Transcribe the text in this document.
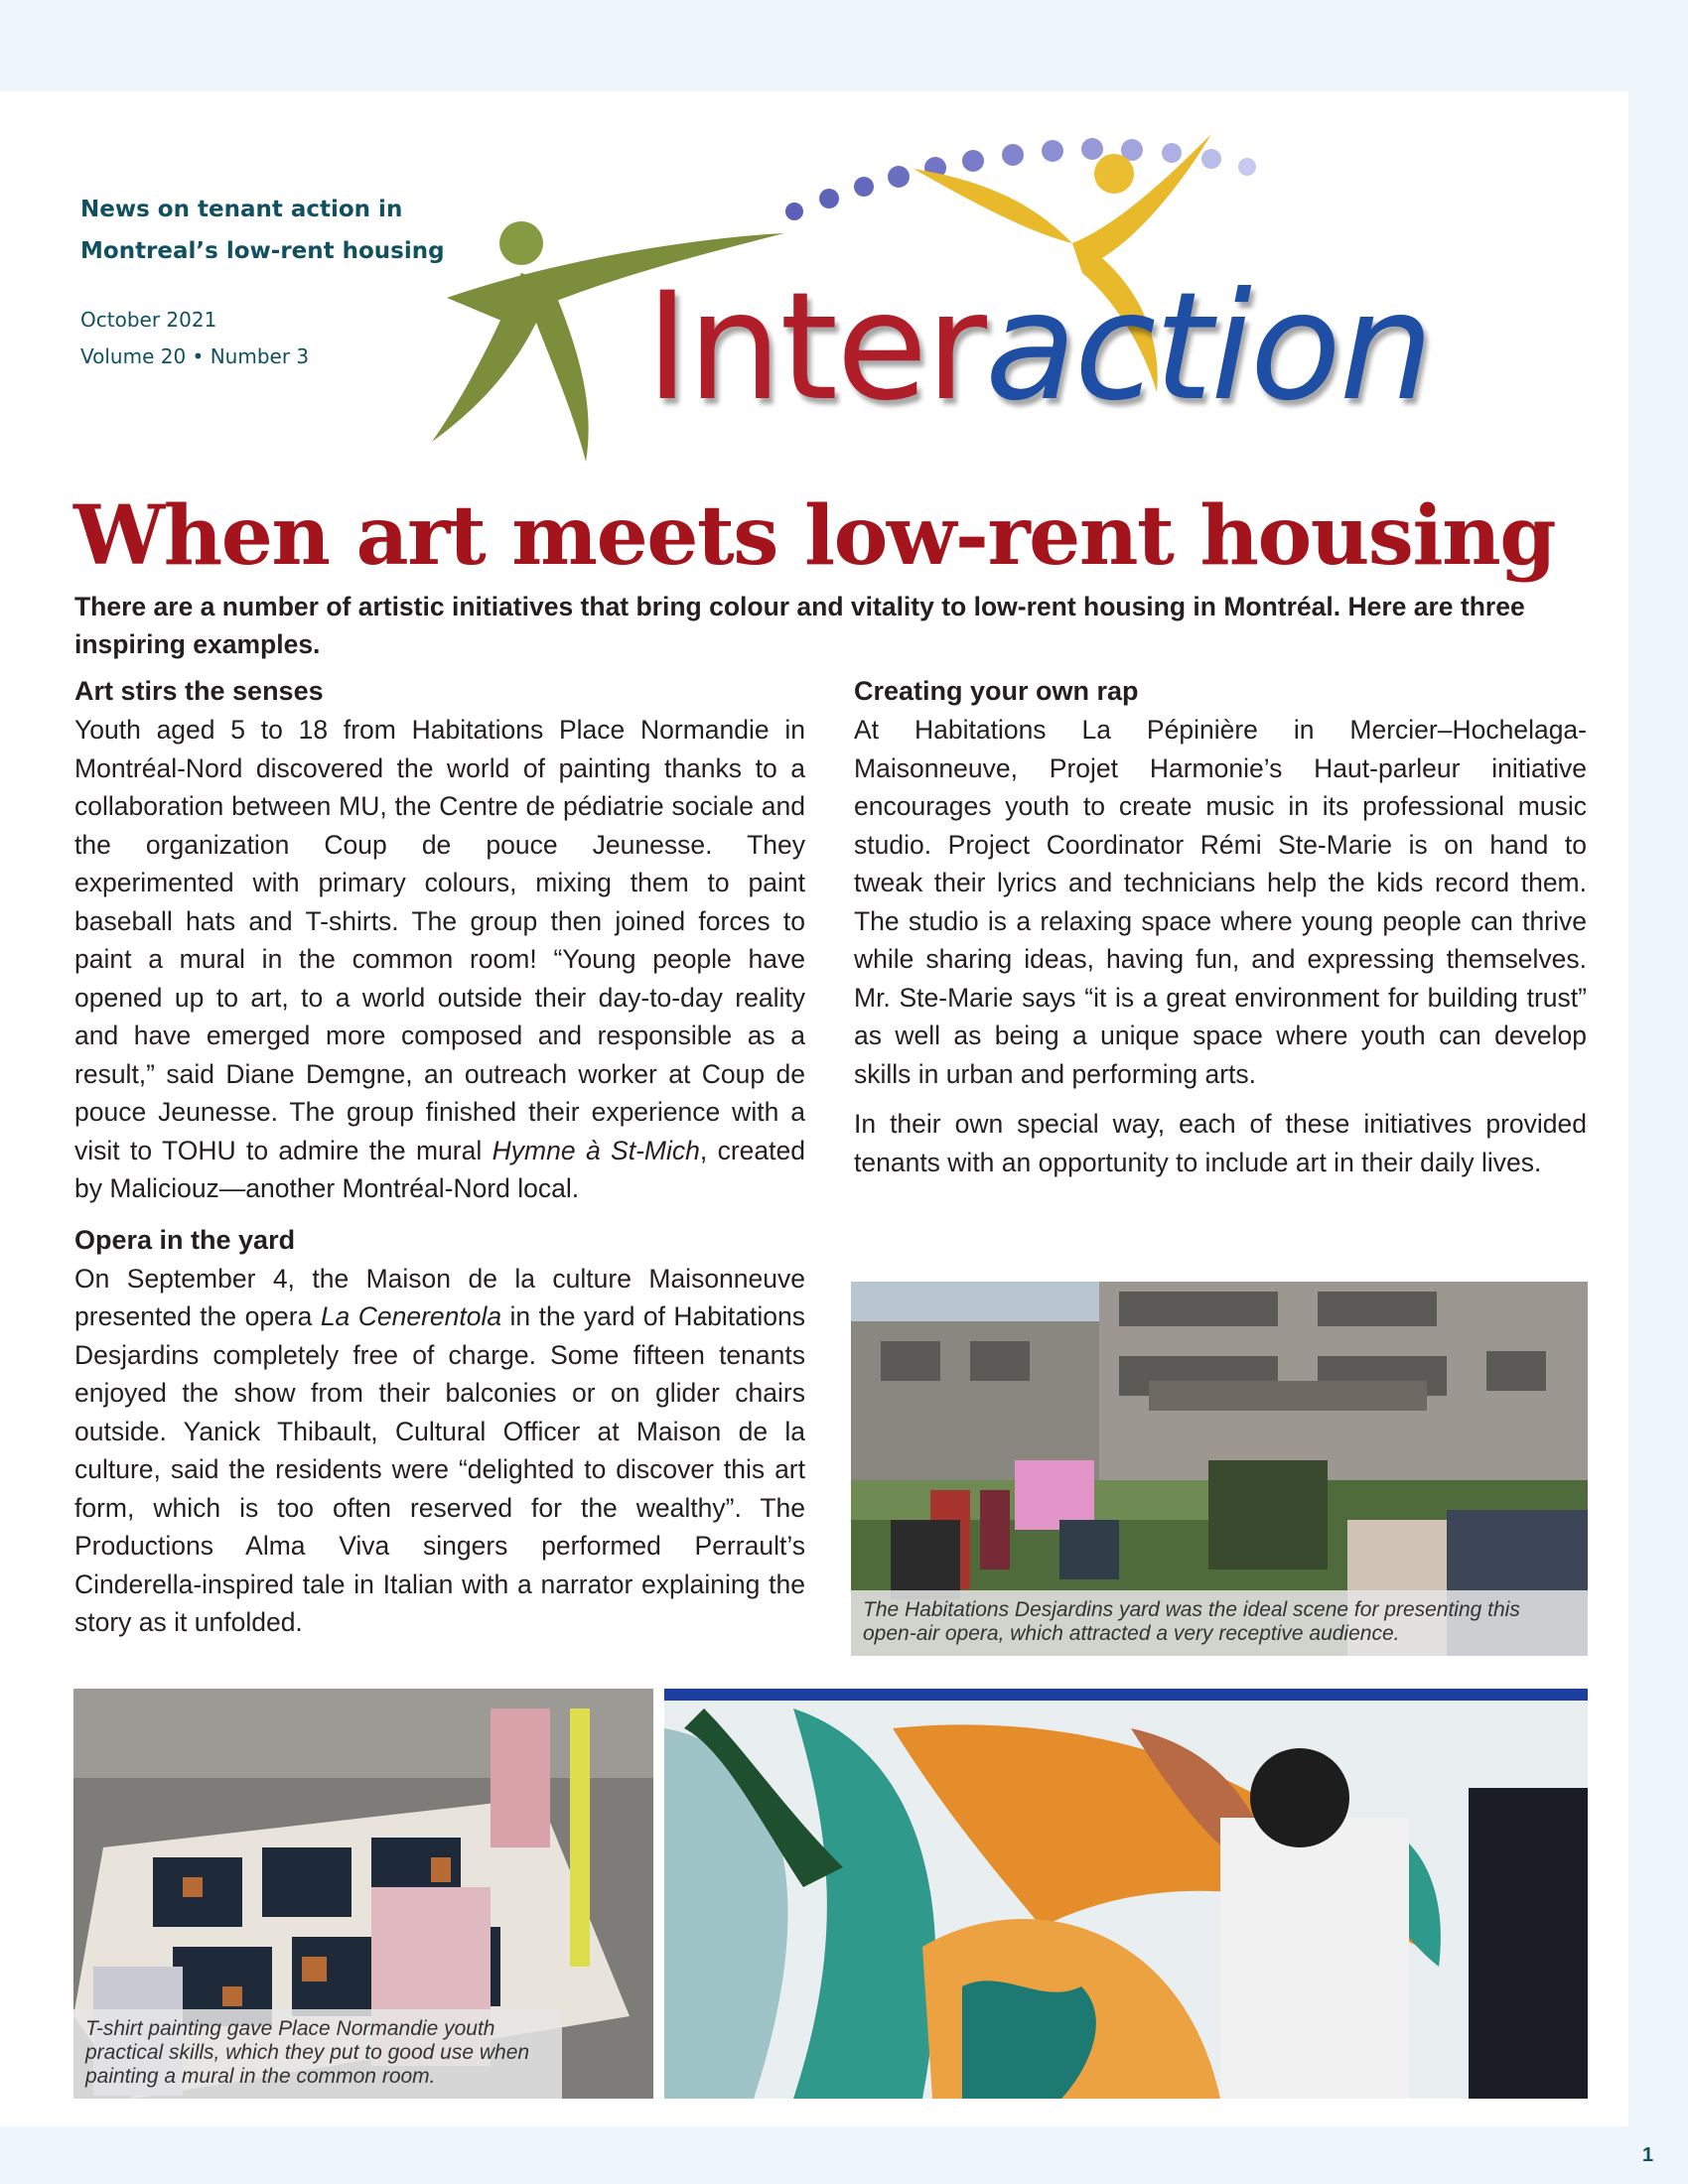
News on tenant action in
Montreal’s low-rent housing
October 2021
Volume 20 • Number 3 Interaction
When art meets low-rent housing
There are a number of artistic initiatives that bring colour and vitality to low-rent housing in Montréal. Here are three inspiring examples.
Art stirs the senses

Youth aged 5 to 18 from Habitations Place Normandie in Montréal-Nord discovered the world of painting thanks to a collaboration between MU, the Centre de pédiatrie sociale and the organization Coup de pouce Jeunesse. They experimented with primary colours, mixing them to paint baseball hats and T-shirts. The group then joined forces to paint a mural in the common room! “Young people have opened up to art, to a world outside their day-to-day reality and have emerged more composed and responsible as a result,” said Diane Demgne, an outreach worker at Coup de pouce Jeunesse. The group finished their experience with a visit to TOHU to admire the mural Hymne à St-Mich, created by Maliciouz—another Montréal-Nord local.

Opera in the yard

On September 4, the Maison de la culture Maisonneuve presented the opera La Cenerentola in the yard of Habitations Desjardins completely free of charge. Some fifteen tenants enjoyed the show from their balconies or on glider chairs outside. Yanick Thibault, Cultural Officer at Maison de la culture, said the residents were “delighted to discover this art form, which is too often reserved for the wealthy”. The Productions Alma Viva singers performed Perrault’s Cinderella-inspired tale in Italian with a narrator explaining the story as it unfolded.

Creating your own rap

At Habitations La Pépinière in Mercier–Hochelaga-Maisonneuve, Projet Harmonie’s Haut-parleur initiative encourages youth to create music in its professional music studio. Project Coordinator Rémi Ste-Marie is on hand to tweak their lyrics and technicians help the kids record them. The studio is a relaxing space where young people can thrive while sharing ideas, having fun, and expressing themselves. Mr. Ste-Marie says “it is a great environment for building trust” as well as being a unique space where youth can develop skills in urban and performing arts.

In their own special way, each of these initiatives provided tenants with an opportunity to include art in their daily lives.

The Habitations Desjardins yard was the ideal scene for presenting this open-air opera, which attracted a very receptive audience.
T-shirt painting gave Place Normandie youth practical skills, which they put to good use when painting a mural in the common room.
1
